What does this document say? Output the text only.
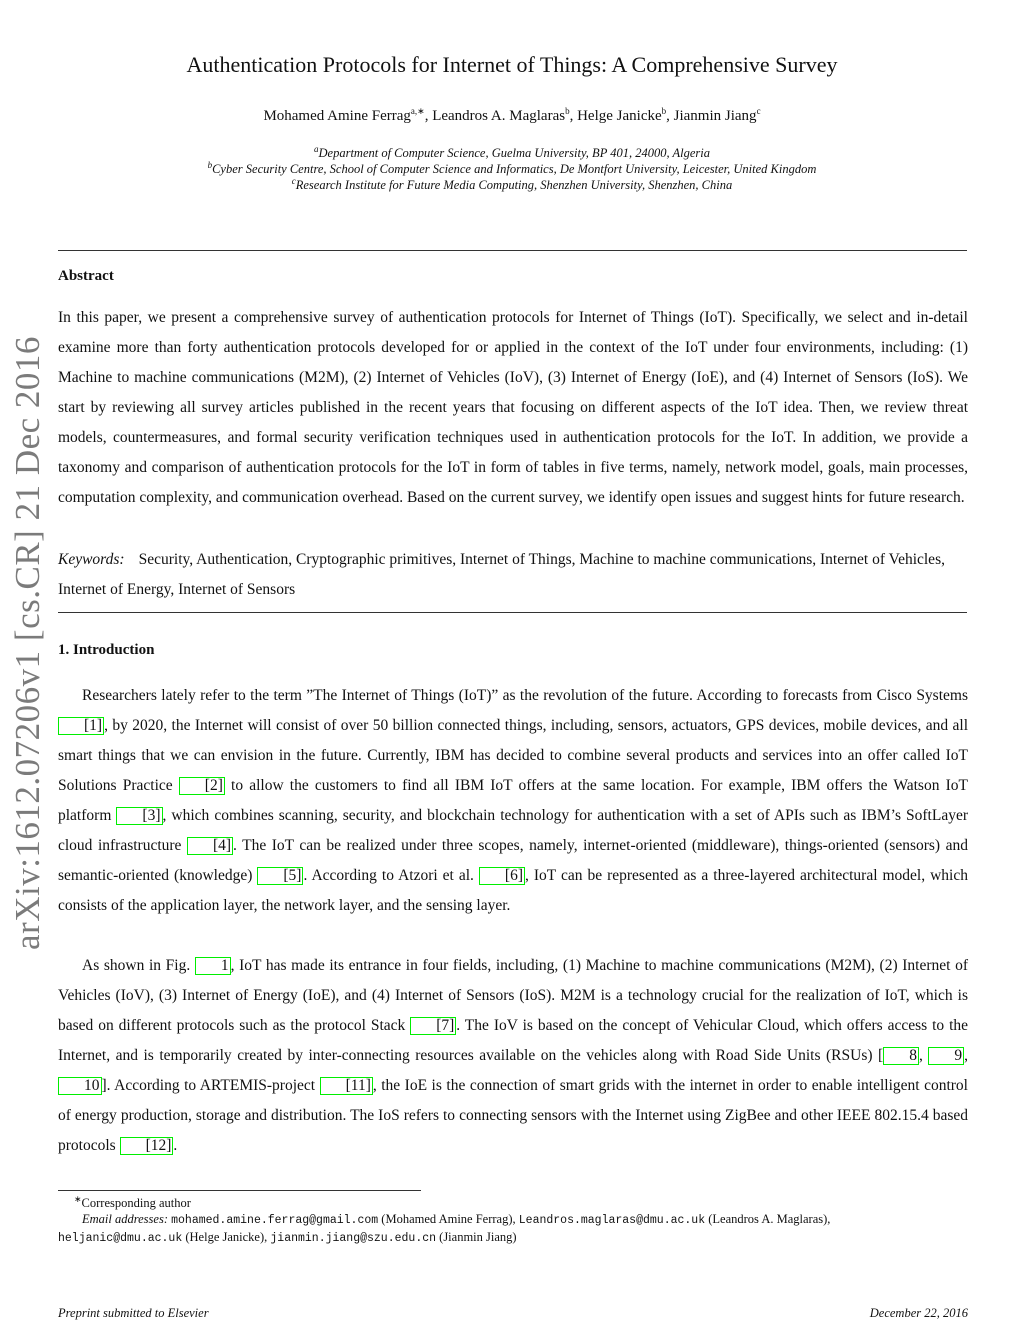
arXiv:1612.07206v1 [cs.CR] 21 Dec 2016
Authentication Protocols for Internet of Things: A Comprehensive Survey
Mohamed Amine Ferrag$^{a,∗}$, Leandros A. Maglaras$^b$, Helge Janicke$^b$, Jianmin Jiang$^c$
$^a$Department of Computer Science, Guelma University, BP 401, 24000, Algeria
$^b$Cyber Security Centre, School of Computer Science and Informatics, De Montfort University, Leicester, United Kingdom
$^c$Research Institute for Future Media Computing, Shenzhen University, Shenzhen, China
Abstract
In this paper, we present a comprehensive survey of authentication protocols for Internet of Things (IoT). Specifically, we select and in-detail examine more than forty authentication protocols developed for or applied in the context of the IoT under four environments, including: (1) Machine to machine communications (M2M), (2) Internet of Vehicles (IoV), (3) Internet of Energy (IoE), and (4) Internet of Sensors (IoS). We start by reviewing all survey articles published in the recent years that focusing on different aspects of the IoT idea. Then, we review threat models, countermeasures, and formal security verification techniques used in authentication protocols for the IoT. In addition, we provide a taxonomy and comparison of authentication protocols for the IoT in form of tables in five terms, namely, network model, goals, main processes, computation complexity, and communication overhead. Based on the current survey, we identify open issues and suggest hints for future research.
Keywords: Security, Authentication, Cryptographic primitives, Internet of Things, Machine to machine communications, Internet of Vehicles, Internet of Energy, Internet of Sensors
1. Introduction
Researchers lately refer to the term ”The Internet of Things (IoT)” as the revolution of the future. According to forecasts from Cisco Systems [1] , by 2020, the Internet will consist of over 50 billion connected things, including, sensors, actuators, GPS devices, mobile devices, and all smart things that we can envision in the future. Currently, IBM has decided to combine several products and services into an offer called IoT Solutions Practice [2] to allow the customers to find all IBM IoT offers at the same location. For example, IBM offers the Watson IoT platform [3] , which combines scanning, security, and blockchain technology for authentication with a set of APIs such as IBM’s SoftLayer cloud infrastructure [4] . The IoT can be realized under three scopes, namely, internet-oriented (middleware), things-oriented (sensors) and semantic-oriented (knowledge) [5] . According to Atzori et al. [6] , IoT can be represented as a three-layered architectural model, which consists of the application layer, the network layer, and the sensing layer.
As shown in Fig. 1 , IoT has made its entrance in four fields, including, (1) Machine to machine communications (M2M), (2) Internet of Vehicles (IoV), (3) Internet of Energy (IoE), and (4) Internet of Sensors (IoS). M2M is a technology crucial for the realization of IoT, which is based on different protocols such as the protocol Stack [7] . The IoV is based on the concept of Vehicular Cloud, which offers access to the Internet, and is temporarily created by inter-connecting resources available on the vehicles along with Road Side Units (RSUs) [ 8 , 9 , 10 ]. According to ARTEMIS-project [11] , the IoE is the connection of smart grids with the internet in order to enable intelligent control of energy production, storage and distribution. The IoS refers to connecting sensors with the Internet using ZigBee and other IEEE 802.15.4 based protocols [12] .
∗Corresponding author
Email addresses: mohamed.amine.ferrag@gmail.com (Mohamed Amine Ferrag), Leandros.maglaras@dmu.ac.uk (Leandros A. Maglaras),
heljanic@dmu.ac.uk (Helge Janicke), jianmin.jiang@szu.edu.cn (Jianmin Jiang)
Preprint submitted to Elsevier	December 22, 2016
